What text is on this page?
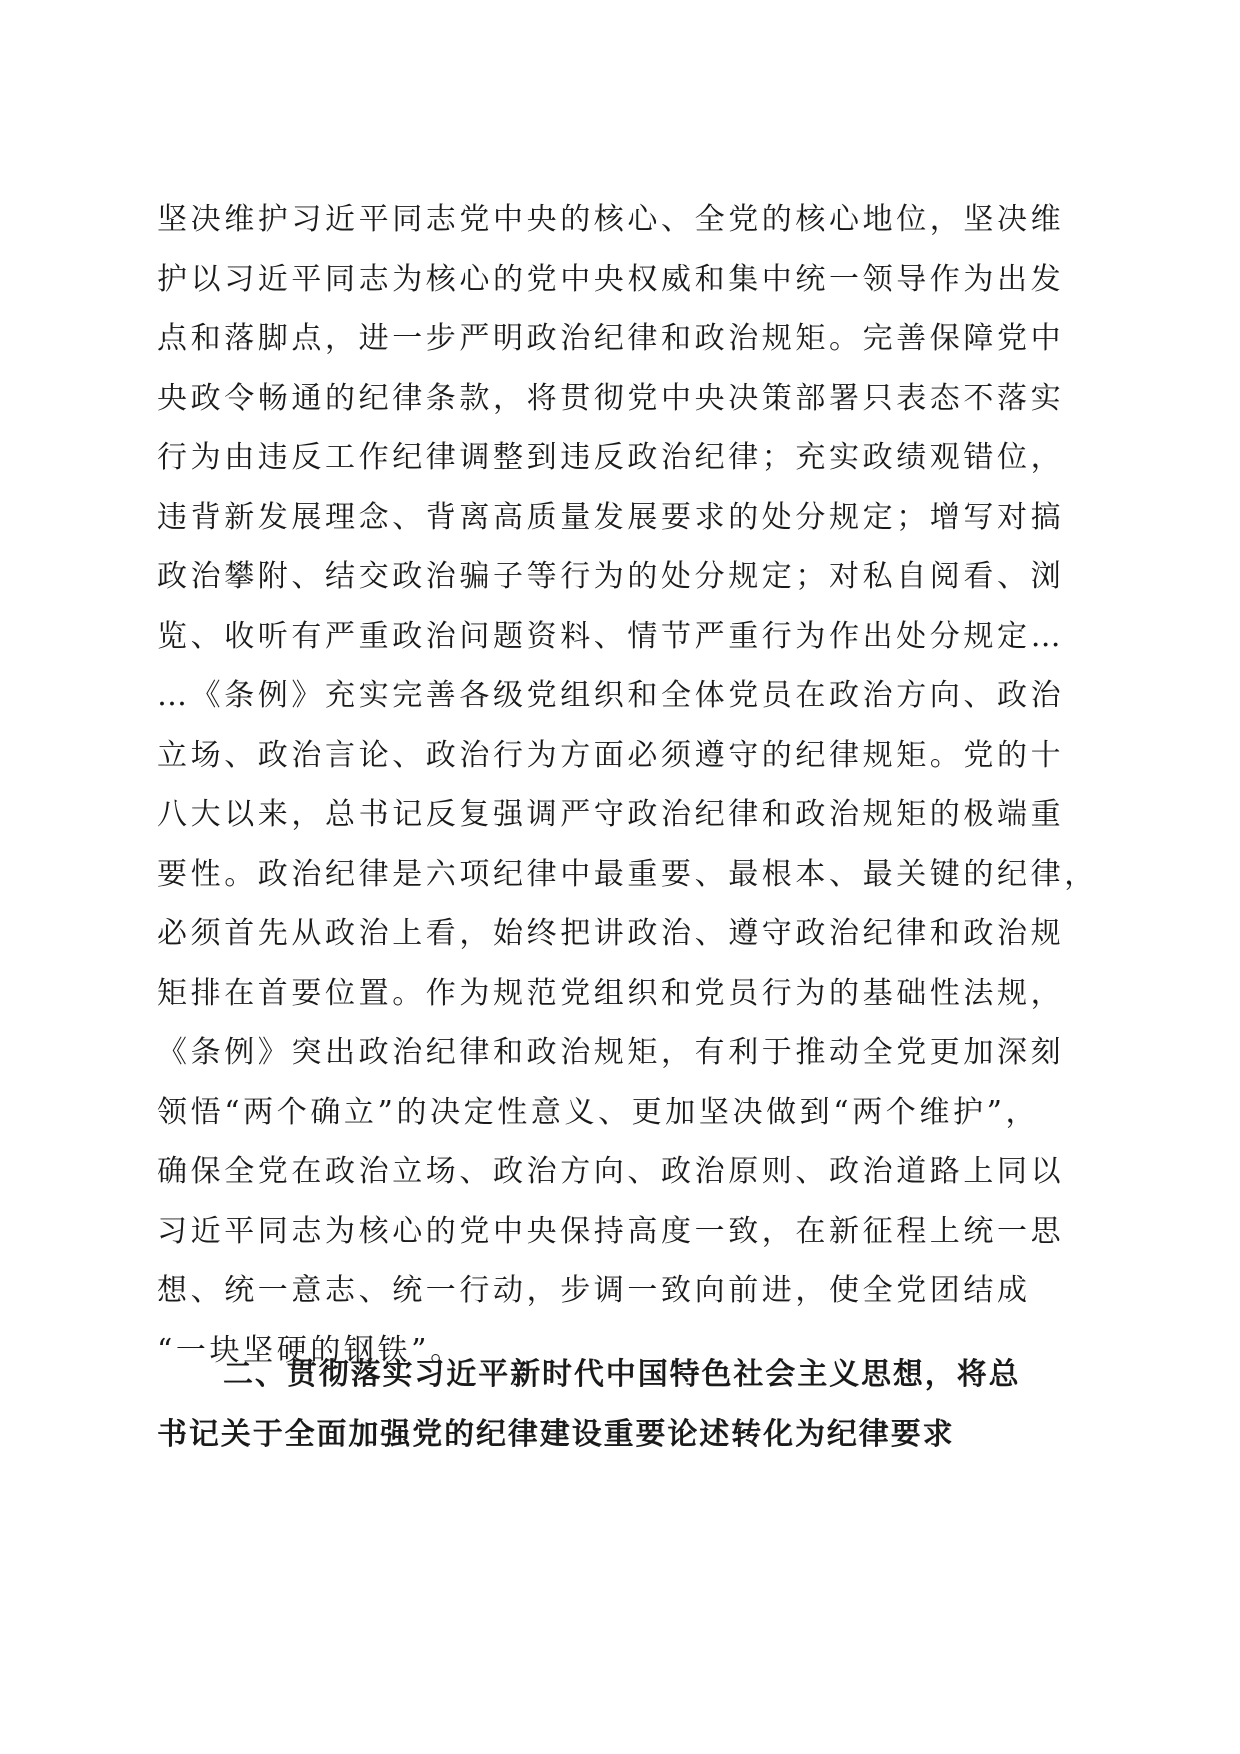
坚决维护习近平同志党中央的核心、全党的核心地位，坚决维
护以习近平同志为核心的党中央权威和集中统一领导作为出发
点和落脚点，进一步严明政治纪律和政治规矩。完善保障党中
央政令畅通的纪律条款，将贯彻党中央决策部署只表态不落实
行为由违反工作纪律调整到违反政治纪律；充实政绩观错位，
违背新发展理念、背离高质量发展要求的处分规定；增写对搞
政治攀附、结交政治骗子等行为的处分规定；对私自阅看、浏
览、收听有严重政治问题资料、情节严重行为作出处分规定…
…《条例》充实完善各级党组织和全体党员在政治方向、政治
立场、政治言论、政治行为方面必须遵守的纪律规矩。党的十
八大以来，总书记反复强调严守政治纪律和政治规矩的极端重
要性。政治纪律是六项纪律中最重要、最根本、最关键的纪律，
必须首先从政治上看，始终把讲政治、遵守政治纪律和政治规
矩排在首要位置。作为规范党组织和党员行为的基础性法规，
《条例》突出政治纪律和政治规矩，有利于推动全党更加深刻
领悟“两个确立”的决定性意义、更加坚决做到“两个维护”，
确保全党在政治立场、政治方向、政治原则、政治道路上同以
习近平同志为核心的党中央保持高度一致，在新征程上统一思
想、统一意志、统一行动，步调一致向前进，使全党团结成
“一块坚硬的钢铁”。
二、贯彻落实习近平新时代中国特色社会主义思想，将总
书记关于全面加强党的纪律建设重要论述转化为纪律要求
